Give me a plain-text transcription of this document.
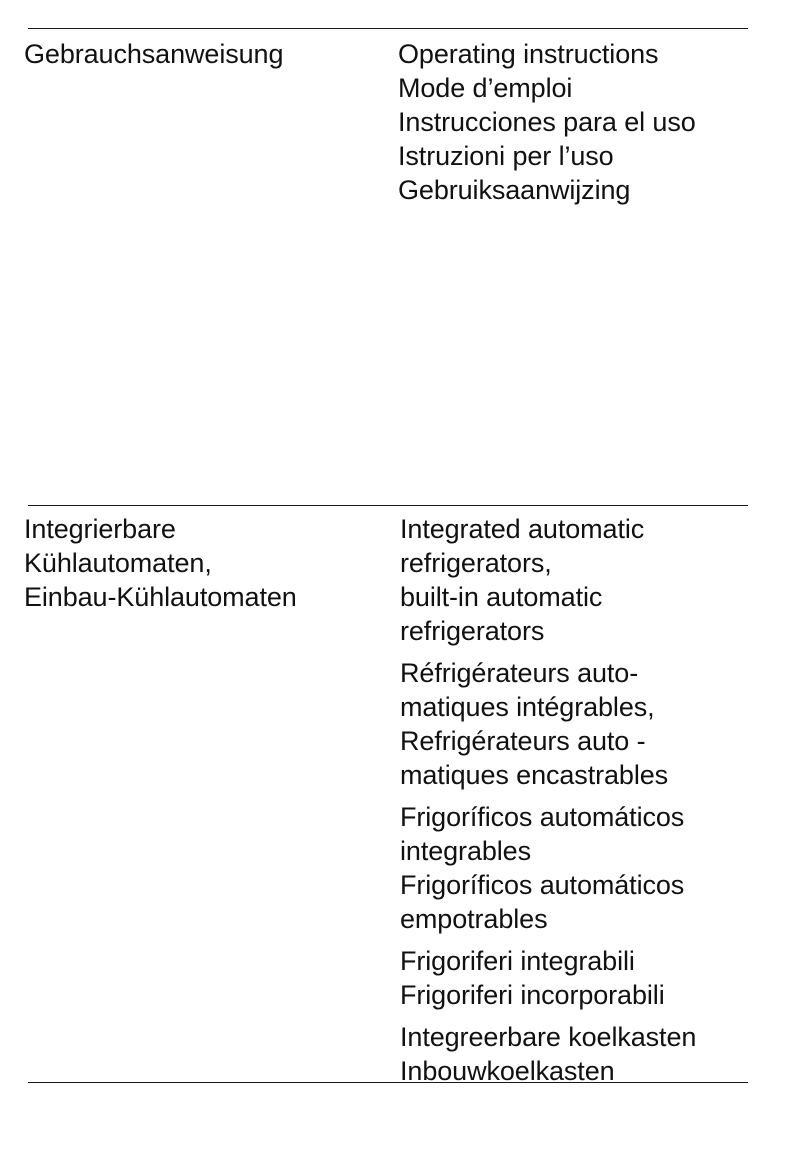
Gebrauchsanweisung	Operating instructions
Mode d’emploi
Instrucciones para el uso
Istruzioni per l’uso
Gebruiksaanwijzing
Integrierbare
Kühlautomaten,
Einbau-Kühlautomaten
Integrated automatic
refrigerators,
built-in automatic
refrigerators
Réfrigérateurs auto-
matiques intégrables,
Refrigérateurs auto -
matiques encastrables
Frigoríficos automáticos
integrables
Frigoríficos automáticos
empotrables
Frigoriferi integrabili
Frigoriferi incorporabili
Integreerbare koelkasten
Inbouwkoelkasten
